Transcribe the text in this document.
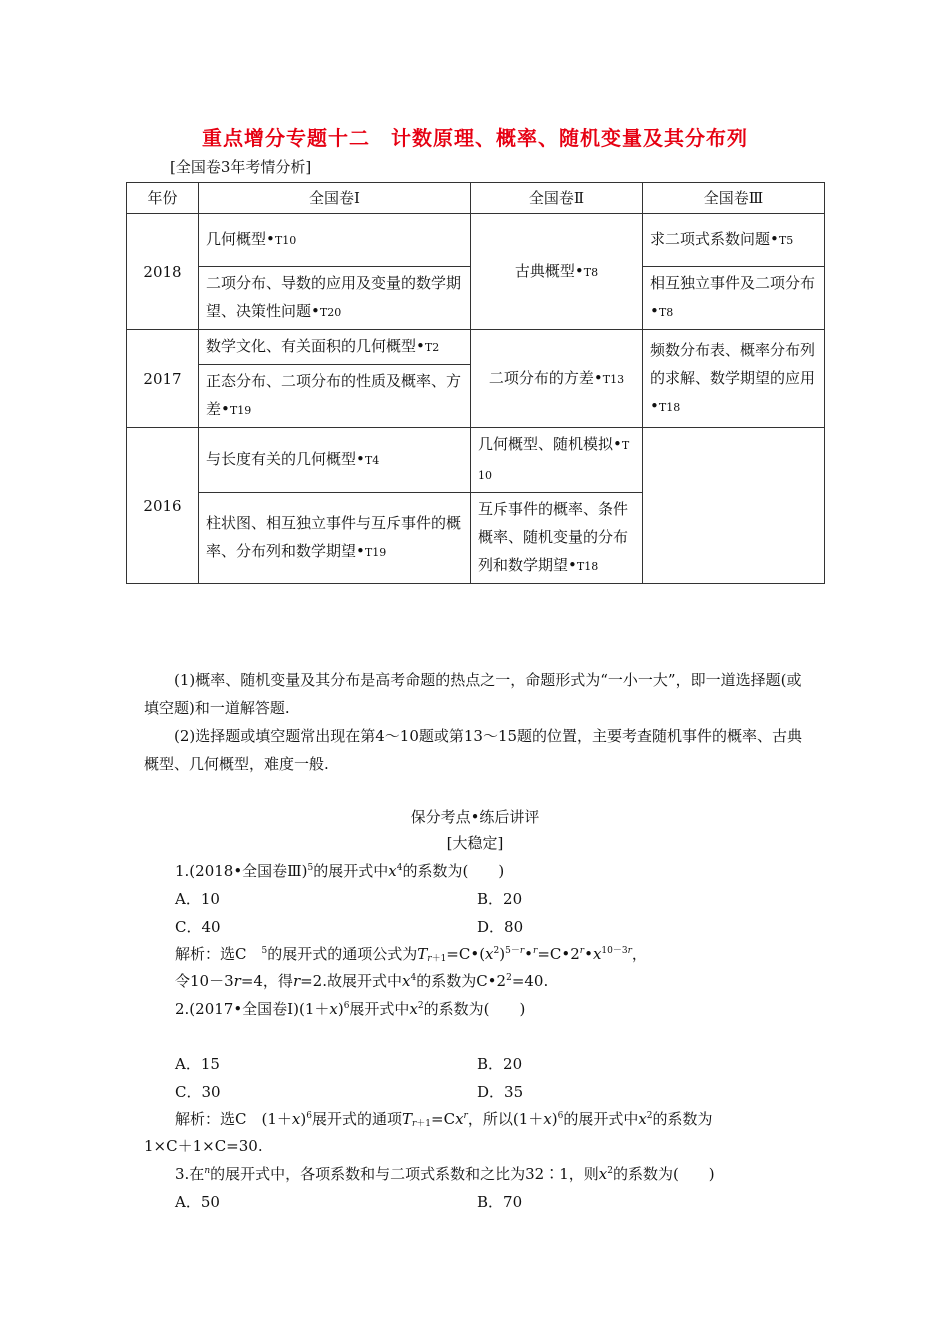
重点增分专题十二　计数原理、概率、随机变量及其分布列
[全国卷3年考情分析]
年份	全国卷Ⅰ	全国卷Ⅱ	全国卷Ⅲ
2018	几何概型•T10	古典概型•T8	求二项式系数问题•T5
	二项分布、导数的应用及变量的数学期望、决策性问题•T20		相互独立事件及二项分布•T8
2017	数学文化、有关面积的几何概型•T2	二项分布的方差•T13	频数分布表、概率分布列的求解、数学期望的应用•T18
	正态分布、二项分布的性质及概率、方差•T19		
2016	与长度有关的几何概型•T4	几何概型、随机模拟•T10	
	柱状图、相互独立事件与互斥事件的概率、分布列和数学期望•T19	互斥事件的概率、条件概率、随机变量的分布列和数学期望•T18	
(1)概率、随机变量及其分布是高考命题的热点之一，命题形式为“一小一大”，即一道选择题(或填空题)和一道解答题.
(2)选择题或填空题常出现在第4～10题或第13～15题的位置，主要考查随机事件的概率、古典概型、几何概型，难度一般.
保分考点•练后讲评
[大稳定]
1.(2018•全国卷Ⅲ)$^5$的展开式中$x^4$的系数为(　　)
A．10	B．20
C．40	D．80
解析：选C　$^5$的展开式的通项公式为$T_{r+1}=C•(x^2)^{5-r}•^r=C•2^r•x^{10-3r}$，
令10－3r=4，得r=2.故展开式中$x^4$的系数为$C•2^2=40$.
2.(2017•全国卷$Ⅰ)(1+x)^6$展开式中$x^2$的系数为(　　)
A．15	B．20
C．30	D．35
解析：选C　$(1+x)^6$展开式的通项$T_{r+1}=Cx^r$，所以$(1+x)^6$的展开式中$x^2$的系数为
1×C＋1×C=30.
3.在$^n$的展开式中，各项系数和与二项式系数和之比为32∶1，则$x^2$的系数为(　　)
A．50	B．70
